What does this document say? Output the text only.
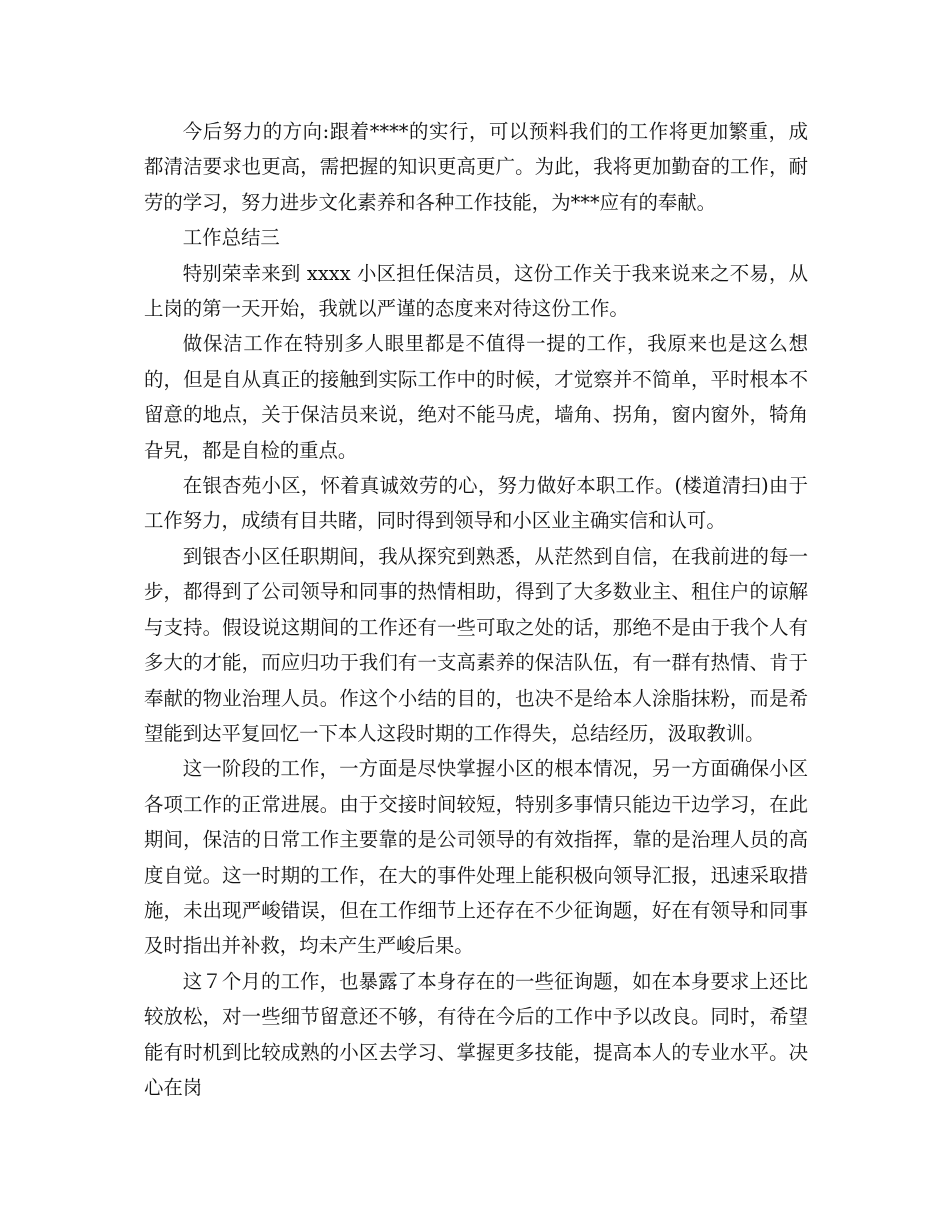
今后努力的方向:跟着****的实行，可以预料我们的工作将更加繁重，成都清洁要求也更高，需把握的知识更高更广。为此，我将更加勤奋的工作，耐劳的学习，努力进步文化素养和各种工作技能，为***应有的奉献。

工作总结三

特别荣幸来到 xxxx 小区担任保洁员，这份工作关于我来说来之不易，从上岗的第一天开始，我就以严谨的态度来对待这份工作。

做保洁工作在特别多人眼里都是不值得一提的工作，我原来也是这么想的，但是自从真正的接触到实际工作中的时候，才觉察并不简单，平时根本不留意的地点，关于保洁员来说，绝对不能马虎，墙角、拐角，窗内窗外，犄角旮旯，都是自检的重点。

在银杏苑小区，怀着真诚效劳的心，努力做好本职工作。(楼道清扫)由于工作努力，成绩有目共睹，同时得到领导和小区业主确实信和认可。

到银杏小区任职期间，我从探究到熟悉，从茫然到自信，在我前进的每一步，都得到了公司领导和同事的热情相助，得到了大多数业主、租住户的谅解与支持。假设说这期间的工作还有一些可取之处的话，那绝不是由于我个人有多大的才能，而应归功于我们有一支高素养的保洁队伍，有一群有热情、肯于奉献的物业治理人员。作这个小结的目的，也决不是给本人涂脂抹粉，而是希望能到达平复回忆一下本人这段时期的工作得失，总结经历，汲取教训。

这一阶段的工作，一方面是尽快掌握小区的根本情况，另一方面确保小区各项工作的正常进展。由于交接时间较短，特别多事情只能边干边学习，在此期间，保洁的日常工作主要靠的是公司领导的有效指挥，靠的是治理人员的高度自觉。这一时期的工作，在大的事件处理上能积极向领导汇报，迅速采取措施，未出现严峻错误，但在工作细节上还存在不少征询题，好在有领导和同事及时指出并补救，均未产生严峻后果。

这７个月的工作，也暴露了本身存在的一些征询题，如在本身要求上还比较放松，对一些细节留意还不够，有待在今后的工作中予以改良。同时，希望能有时机到比较成熟的小区去学习、掌握更多技能，提高本人的专业水平。决心在岗
